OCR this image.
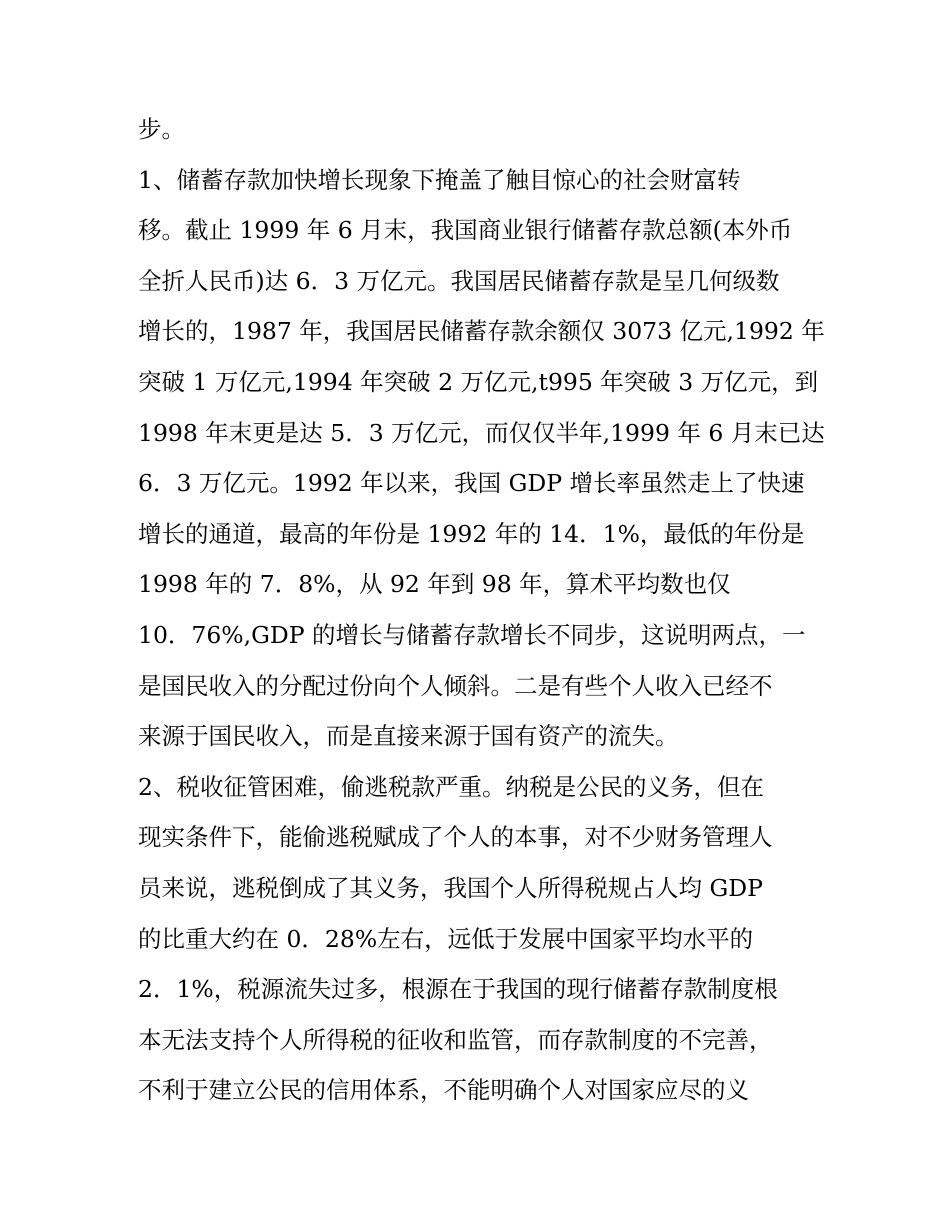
步。
1、储蓄存款加快增长现象下掩盖了触目惊心的社会财富转
移。截止 1999 年 6 月末，我国商业银行储蓄存款总额(本外币
全折人民币)达 6．3 万亿元。我国居民储蓄存款是呈几何级数
增长的，1987 年，我国居民储蓄存款余额仅 3073 亿元,1992 年
突破 1 万亿元,1994 年突破 2 万亿元,t995 年突破 3 万亿元，到
1998 年末更是达 5．3 万亿元，而仅仅半年,1999 年 6 月末已达
6．3 万亿元。1992 年以来，我国 GDP 增长率虽然走上了快速
增长的通道，最高的年份是 1992 年的 14．1%，最低的年份是
1998 年的 7．8%，从 92 年到 98 年，算术平均数也仅
10．76%,GDP 的增长与储蓄存款增长不同步，这说明两点，一
是国民收入的分配过份向个人倾斜。二是有些个人收入已经不
来源于国民收入，而是直接来源于国有资产的流失。
2、税收征管困难，偷逃税款严重。纳税是公民的义务，但在
现实条件下，能偷逃税赋成了个人的本事，对不少财务管理人
员来说，逃税倒成了其义务，我国个人所得税规占人均 GDP
的比重大约在 0．28%左右，远低于发展中国家平均水平的
2．1%，税源流失过多，根源在于我国的现行储蓄存款制度根
本无法支持个人所得税的征收和监管，而存款制度的不完善，
不利于建立公民的信用体系，不能明确个人对国家应尽的义
